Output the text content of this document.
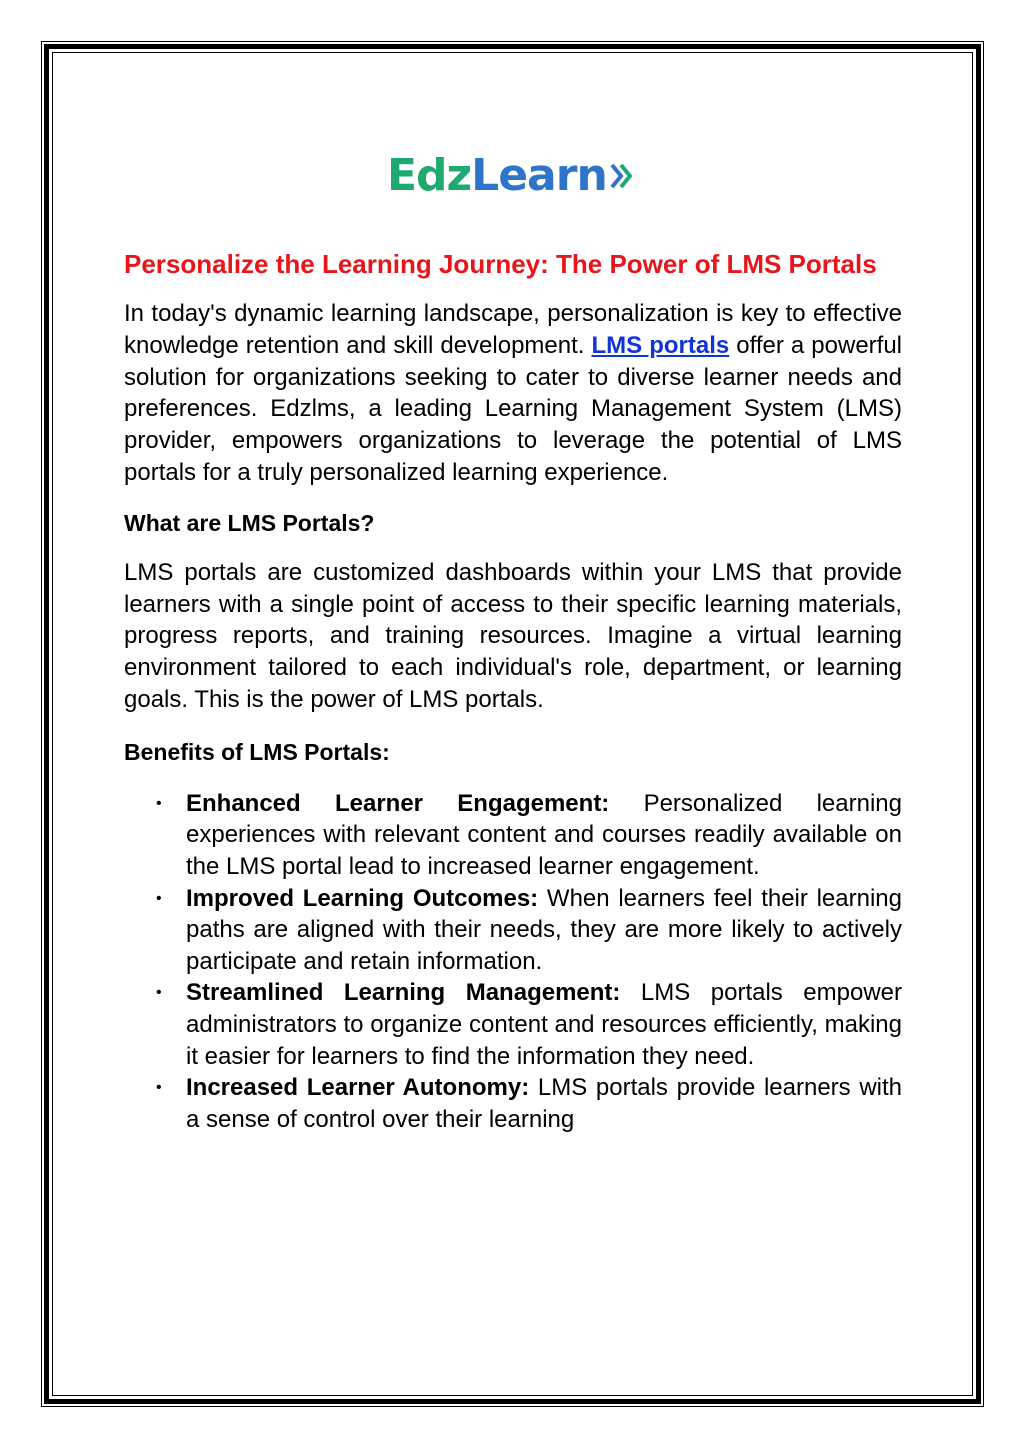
Edz Learn
Personalize the Learning Journey: The Power of LMS Portals

In today's dynamic learning landscape, personalization is key to effective knowledge retention and skill development. LMS portals offer a powerful solution for organizations seeking to cater to diverse learner needs and preferences. Edzlms, a leading Learning Management System (LMS) provider, empowers organizations to leverage the potential of LMS portals for a truly personalized learning experience.

What are LMS Portals?

LMS portals are customized dashboards within your LMS that provide learners with a single point of access to their specific learning materials, progress reports, and training resources. Imagine a virtual learning environment tailored to each individual's role, department, or learning goals. This is the power of LMS portals.

Benefits of LMS Portals:
• Enhanced Learner Engagement: Personalized learning experiences with relevant content and courses readily available on the LMS portal lead to increased learner engagement.
• Improved Learning Outcomes: When learners feel their learning paths are aligned with their needs, they are more likely to actively participate and retain information.
• Streamlined Learning Management: LMS portals empower administrators to organize content and resources efficiently, making it easier for learners to find the information they need.
• Increased Learner Autonomy: LMS portals provide learners with a sense of control over their learning
